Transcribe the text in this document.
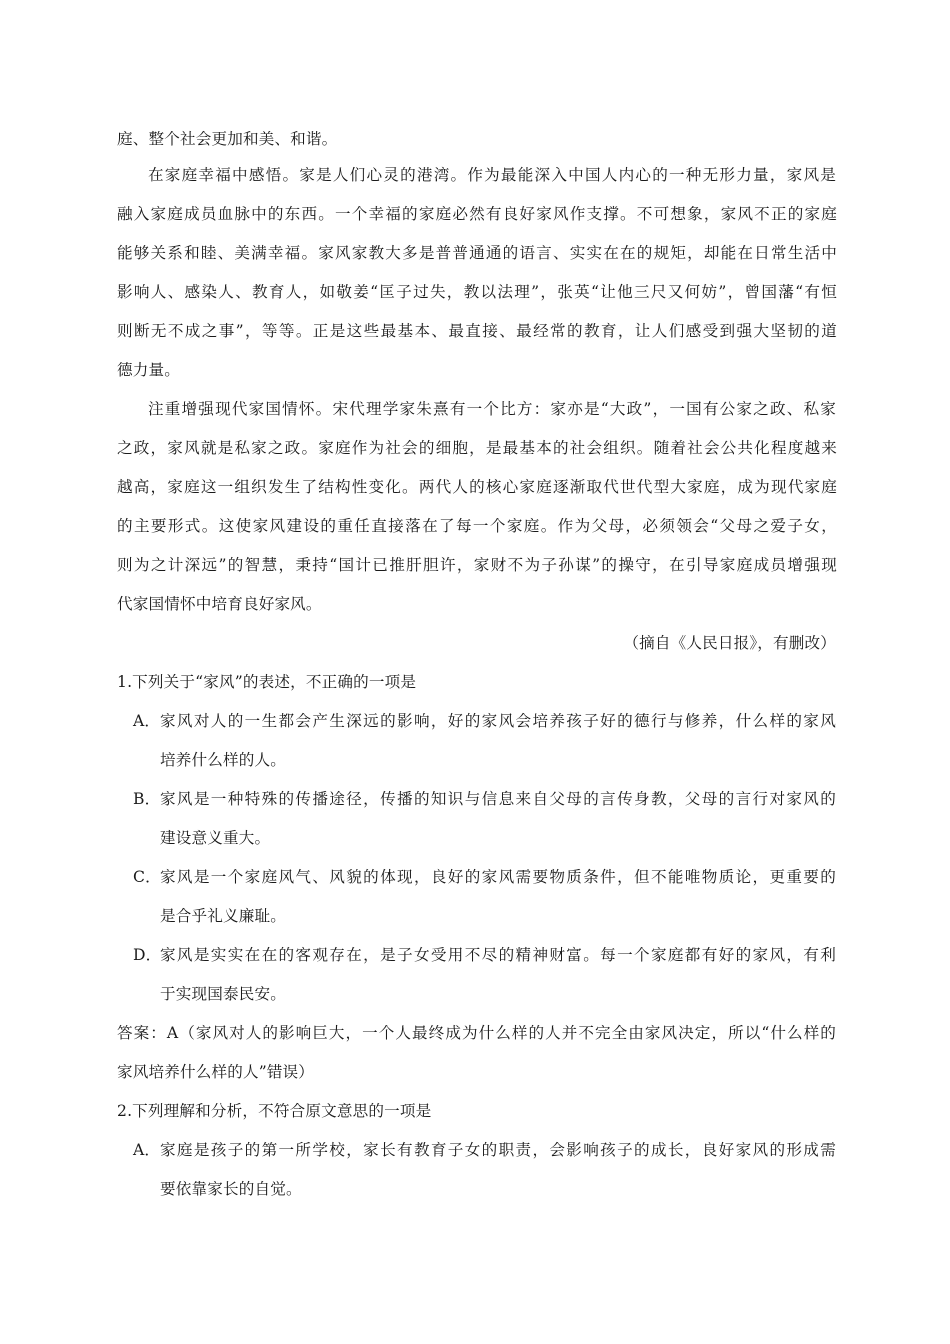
庭、整个社会更加和美、和谐。
在家庭幸福中感悟。家是人们心灵的港湾。作为最能深入中国人内心的一种无形力量，家风是
融入家庭成员血脉中的东西。一个幸福的家庭必然有良好家风作支撑。不可想象，家风不正的家庭
能够关系和睦、美满幸福。家风家教大多是普普通通的语言、实实在在的规矩，却能在日常生活中
影响人、感染人、教育人，如敬姜“匡子过失，教以法理”，张英“让他三尺又何妨”，曾国藩“有恒
则断无不成之事”，等等。正是这些最基本、最直接、最经常的教育，让人们感受到强大坚韧的道
德力量。
注重增强现代家国情怀。宋代理学家朱熹有一个比方：家亦是“大政”，一国有公家之政、私家
之政，家风就是私家之政。家庭作为社会的细胞，是最基本的社会组织。随着社会公共化程度越来
越高，家庭这一组织发生了结构性变化。两代人的核心家庭逐渐取代世代型大家庭，成为现代家庭
的主要形式。这使家风建设的重任直接落在了每一个家庭。作为父母，必须领会“父母之爱子女，
则为之计深远”的智慧，秉持“国计已推肝胆许，家财不为子孙谋”的操守，在引导家庭成员增强现
代家国情怀中培育良好家风。
（摘自《人民日报》，有删改）
1.下列关于“家风”的表述，不正确的一项是
A． 家风对人的一生都会产生深远的影响，好的家风会培养孩子好的德行与修养，什么样的家风
培养什么样的人。
B． 家风是一种特殊的传播途径，传播的知识与信息来自父母的言传身教，父母的言行对家风的
建设意义重大。
C． 家风是一个家庭风气、风貌的体现，良好的家风需要物质条件，但不能唯物质论，更重要的
是合乎礼义廉耻。
D．
家风是实实在在的客观存在，是子女受用不尽的精神财富。每一个家庭都有好的家风，有利
于实现国泰民安。
答案：A（家风对人的影响巨大，一个人最终成为什么样的人并不完全由家风决定，所以“什么样的
家风培养什么样的人”错误）
2.下列理解和分析，不符合原文意思的一项是
A． 家庭是孩子的第一所学校，家长有教育子女的职责，会影响孩子的成长，良好家风的形成需
要依靠家长的自觉。
